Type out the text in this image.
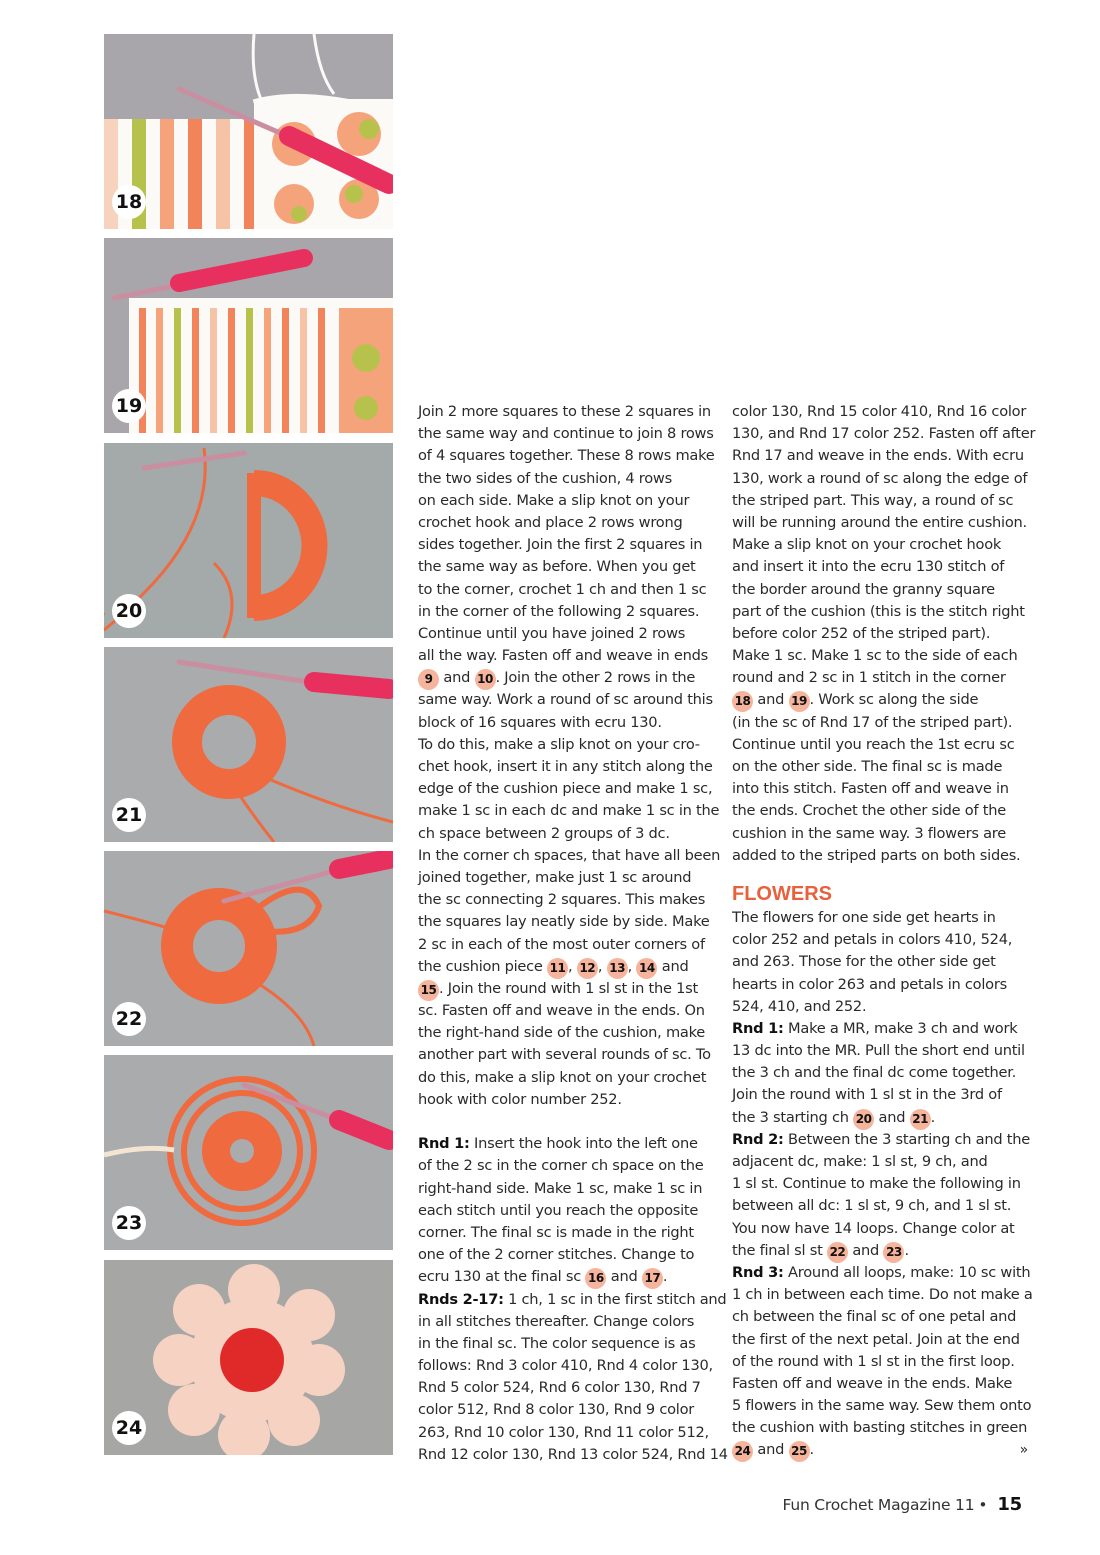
18
19
20
21
22
23
24
Join 2 more squares to these 2 squares in
the same way and continue to join 8 rows
of 4 squares together. These 8 rows make
the two sides of the cushion, 4 rows
on each side. Make a slip knot on your
crochet hook and place 2 rows wrong
sides together. Join the first 2 squares in
the same way as before. When you get
to the corner, crochet 1 ch and then 1 sc
in the corner of the following 2 squares.
Continue until you have joined 2 rows
all the way. Fasten off and weave in ends
9 and 10 . Join the other 2 rows in the
same way. Work a round of sc around this
block of 16 squares with ecru 130.
To do this, make a slip knot on your cro-
chet hook, insert it in any stitch along the
edge of the cushion piece and make 1 sc,
make 1 sc in each dc and make 1 sc in the
ch space between 2 groups of 3 dc.
In the corner ch spaces, that have all been
joined together, make just 1 sc around
the sc connecting 2 squares. This makes
the squares lay neatly side by side. Make
2 sc in each of the most outer corners of
the cushion piece 11 , 12 , 13 , 14 and
15 . Join the round with 1 sl st in the 1st
sc. Fasten off and weave in the ends. On
the right-hand side of the cushion, make
another part with several rounds of sc. To
do this, make a slip knot on your crochet
hook with color number 252.
Rnd 1: Insert the hook into the left one
of the 2 sc in the corner ch space on the
right-hand side. Make 1 sc, make 1 sc in
each stitch until you reach the opposite
corner. The final sc is made in the right
one of the 2 corner stitches. Change to
ecru 130 at the final sc 16 and 17 .
Rnds 2-17: 1 ch, 1 sc in the first stitch and
in all stitches thereafter. Change colors
in the final sc. The color sequence is as
follows: Rnd 3 color 410, Rnd 4 color 130,
Rnd 5 color 524, Rnd 6 color 130, Rnd 7
color 512, Rnd 8 color 130, Rnd 9 color
263, Rnd 10 color 130, Rnd 11 color 512,
Rnd 12 color 130, Rnd 13 color 524, Rnd 14
color 130, Rnd 15 color 410, Rnd 16 color
130, and Rnd 17 color 252. Fasten off after
Rnd 17 and weave in the ends. With ecru
130, work a round of sc along the edge of
the striped part. This way, a round of sc
will be running around the entire cushion.
Make a slip knot on your crochet hook
and insert it into the ecru 130 stitch of
the border around the granny square
part of the cushion (this is the stitch right
before color 252 of the striped part).
Make 1 sc. Make 1 sc to the side of each
round and 2 sc in 1 stitch in the corner
18 and 19 . Work sc along the side
(in the sc of Rnd 17 of the striped part).
Continue until you reach the 1st ecru sc
on the other side. The final sc is made
into this stitch. Fasten off and weave in
the ends. Crochet the other side of the
cushion in the same way. 3 flowers are
added to the striped parts on both sides.
FLOWERS
The flowers for one side get hearts in
color 252 and petals in colors 410, 524,
and 263. Those for the other side get
hearts in color 263 and petals in colors
524, 410, and 252.
Rnd 1: Make a MR, make 3 ch and work
13 dc into the MR. Pull the short end until
the 3 ch and the final dc come together.
Join the round with 1 sl st in the 3rd of
the 3 starting ch 20 and 21 .
Rnd 2: Between the 3 starting ch and the
adjacent dc, make: 1 sl st, 9 ch, and
1 sl st. Continue to make the following in
between all dc: 1 sl st, 9 ch, and 1 sl st.
You now have 14 loops. Change color at
the final sl st 22 and 23 .
Rnd 3: Around all loops, make: 10 sc with
1 ch in between each time. Do not make a
ch between the final sc of one petal and
the first of the next petal. Join at the end
of the round with 1 sl st in the first loop.
Fasten off and weave in the ends. Make
5 flowers in the same way. Sew them onto
the cushion with basting stitches in green
24 and 25 .	»
Fun Crochet Magazine 11 • 15
